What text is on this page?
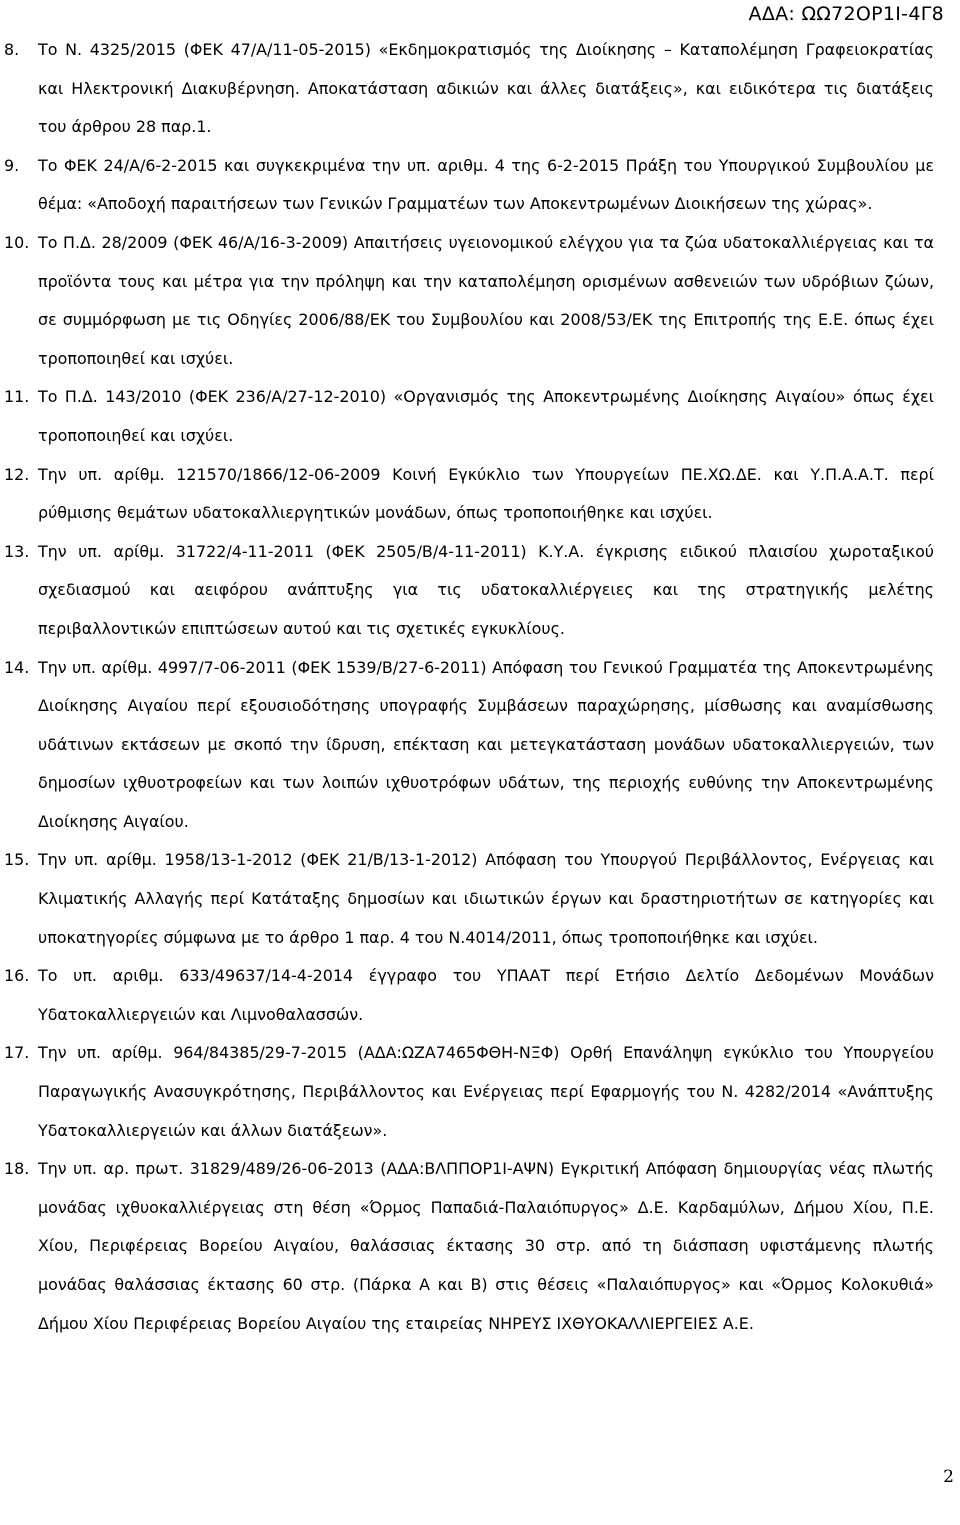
ΑΔΑ: ΩΩ72ΟΡ1Ι-4Γ8
8.	Το Ν. 4325/2015 (ΦΕΚ 47/Α/11-05-2015) «Εκδημοκρατισμός της Διοίκησης – Καταπολέμηση Γραφειοκρατίας και Ηλεκτρονική Διακυβέρνηση. Αποκατάσταση αδικιών και άλλες διατάξεις», και ειδικότερα τις διατάξεις του άρθρου 28 παρ.1.
9.	Το ΦΕΚ 24/Α/6-2-2015 και συγκεκριμένα την υπ. αριθμ. 4 της 6-2-2015 Πράξη του Υπουργικού Συμβουλίου με θέμα: «Αποδοχή παραιτήσεων των Γενικών Γραμματέων των Αποκεντρωμένων Διοικήσεων της χώρας».
10. Το Π.Δ. 28/2009 (ΦΕΚ 46/Α/16-3-2009) Απαιτήσεις υγειονομικού ελέγχου για τα ζώα υδατοκαλλιέργειας και τα προϊόντα τους και μέτρα για την πρόληψη και την καταπολέμηση ορισμένων ασθενειών των υδρόβιων ζώων, σε συμμόρφωση με τις Οδηγίες 2006/88/ΕΚ του Συμβουλίου και 2008/53/ΕΚ της Επιτροπής της Ε.Ε. όπως έχει τροποποιηθεί και ισχύει.
11. Το Π.Δ. 143/2010 (ΦΕΚ 236/Α/27-12-2010) «Οργανισμός της Αποκεντρωμένης Διοίκησης Αιγαίου» όπως έχει τροποποιηθεί και ισχύει.
12. Την υπ. αρίθμ. 121570/1866/12-06-2009 Κοινή Εγκύκλιο των Υπουργείων ΠΕ.ΧΩ.ΔΕ. και Υ.Π.Α.Α.Τ. περί ρύθμισης θεμάτων υδατοκαλλιεργητικών μονάδων, όπως τροποποιήθηκε και ισχύει.
13. Την υπ. αρίθμ. 31722/4-11-2011 (ΦΕΚ 2505/Β/4-11-2011) Κ.Υ.Α. έγκρισης ειδικού πλαισίου χωροταξικού σχεδιασμού και αειφόρου ανάπτυξης για τις υδατοκαλλιέργειες και της στρατηγικής μελέτης περιβαλλοντικών επιπτώσεων αυτού και τις σχετικές εγκυκλίους.
14. Την υπ. αρίθμ. 4997/7-06-2011 (ΦΕΚ 1539/Β/27-6-2011) Απόφαση του Γενικού Γραμματέα της Αποκεντρωμένης Διοίκησης Αιγαίου περί εξουσιοδότησης υπογραφής Συμβάσεων παραχώρησης, μίσθωσης και αναμίσθωσης υδάτινων εκτάσεων με σκοπό την ίδρυση, επέκταση και μετεγκατάσταση μονάδων υδατοκαλλιεργειών, των δημοσίων ιχθυοτροφείων και των λοιπών ιχθυοτρόφων υδάτων, της περιοχής ευθύνης την Αποκεντρωμένης Διοίκησης Αιγαίου.
15. Την υπ. αρίθμ. 1958/13-1-2012 (ΦΕΚ 21/Β/13-1-2012) Απόφαση του Υπουργού Περιβάλλοντος, Ενέργειας και Κλιματικής Αλλαγής περί Κατάταξης δημοσίων και ιδιωτικών έργων και δραστηριοτήτων σε κατηγορίες και υποκατηγορίες σύμφωνα με το άρθρο 1 παρ. 4 του Ν.4014/2011, όπως τροποποιήθηκε και ισχύει.
16. Το υπ. αριθμ. 633/49637/14-4-2014 έγγραφο του ΥΠΑΑΤ περί Ετήσιο Δελτίο Δεδομένων Μονάδων Υδατοκαλλιεργειών και Λιμνοθαλασσών.
17. Την υπ. αρίθμ. 964/84385/29-7-2015 (ΑΔΑ:ΩΖΑ7465ΦΘΗ-ΝΞΦ) Ορθή Επανάληψη εγκύκλιο του Υπουργείου Παραγωγικής Ανασυγκρότησης, Περιβάλλοντος και Ενέργειας περί Εφαρμογής του Ν. 4282/2014 «Ανάπτυξης Υδατοκαλλιεργειών και άλλων διατάξεων».
18. Την υπ. αρ. πρωτ. 31829/489/26-06-2013 (ΑΔΑ:ΒΛΠΠΟΡ1Ι-ΑΨΝ) Εγκριτική Απόφαση δημιουργίας νέας πλωτής μονάδας ιχθυοκαλλιέργειας στη θέση «Όρμος Παπαδιά-Παλαιόπυργος» Δ.Ε. Καρδαμύλων, Δήμου Χίου, Π.Ε. Χίου, Περιφέρειας Βορείου Αιγαίου, θαλάσσιας έκτασης 30 στρ. από τη διάσπαση υφιστάμενης πλωτής μονάδας θαλάσσιας έκτασης 60 στρ. (Πάρκα Α και Β) στις θέσεις «Παλαιόπυργος» και «Όρμος Κολοκυθιά» Δήμου Χίου Περιφέρειας Βορείου Αιγαίου της εταιρείας ΝΗΡΕΥΣ ΙΧΘΥΟΚΑΛΛΙΕΡΓΕΙΕΣ Α.Ε.
2
